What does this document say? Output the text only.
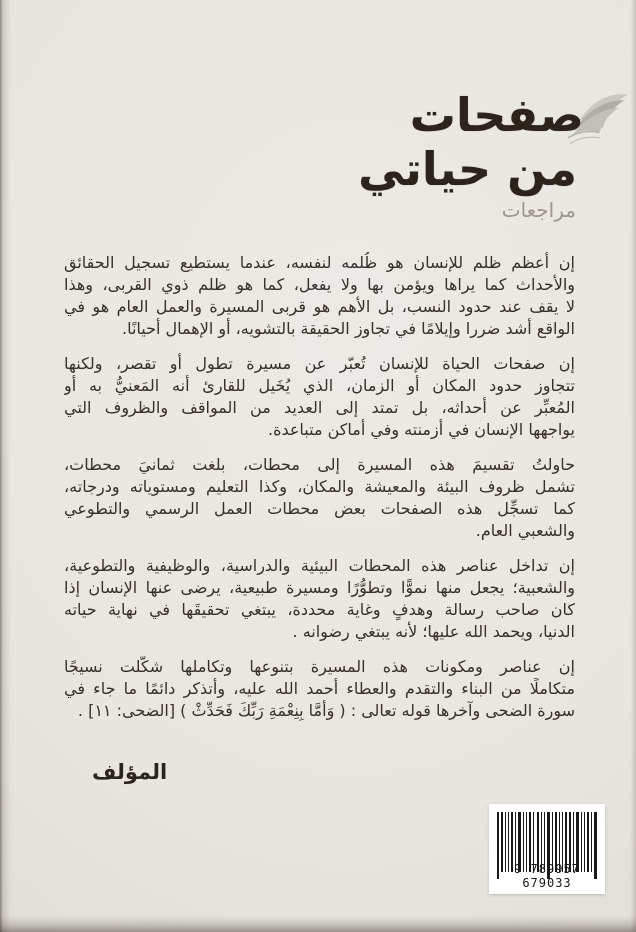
صفحات
من حياتي
مراجعات
إن أعظم ظلم للإنسان هو ظُلمه لنفسه، عندما يستطيع تسجيل الحقائق
والأحداث كما يراها ويؤمن بها ولا يفعل، كما هو ظلم ذوي القربى، وهذا
لا يقف عند حدود النسب، بل الأهم هو قربى المسيرة والعمل العام هو في
الواقع أشد ضررا وإيلامًا في تجاوز الحقيقة بالتشويه، أو الإهمال أحيانًا.
إن صفحات الحياة للإنسان تُعبّر عن مسيرة تطول أو تقصر، ولكنها
تتجاوز حدود المكان أو الزمان، الذي يُخَيل للقارئ أنه المَعنيُّ به أو
المُعبِّر عن أحداثه، بل تمتد إلى العديد من المواقف والظروف التي
يواجهها الإنسان في أزمنته وفي أماكن متباعدة.
حاولتُ تقسيمَ هذه المسيرة إلى محطات، بلغت ثمانيَ محطات،
تشمل ظروف البيئة والمعيشة والمكان، وكذا التعليم ومستوياته ودرجاته،
كما تسجِّل هذه الصفحات بعض محطات العمل الرسمي والتطوعي
والشعبي العام.
إن تداخل عناصر هذه المحطات البيئية والدراسية، والوظيفية والتطوعية،
والشعبية؛ يجعل منها نموًّا وتطوُّرًا ومسيرة طبيعية، يرضى عنها الإنسان إذا
كان صاحب رسالة وهدفٍ وغاية محددة، يبتغي تحقيقَها في نهاية حياته
الدنيا، ويحمد الله عليها؛ لأنه يبتغي رضوانه .
إن عناصر ومكونات هذه المسيرة بتنوعها وتكاملها شكَّلت نسيجًا
متكاملًا من البناء والتقدم والعطاء أحمد الله عليه، وأتذكر دائمًا ما جاء في
سورة الضحى وآخرها قوله تعالى : ( وَأَمَّا بِنِعْمَةِ رَبِّكَ فَحَدِّثْ ) [الضحى: ١١] .
المؤلف
9 789957 679033
